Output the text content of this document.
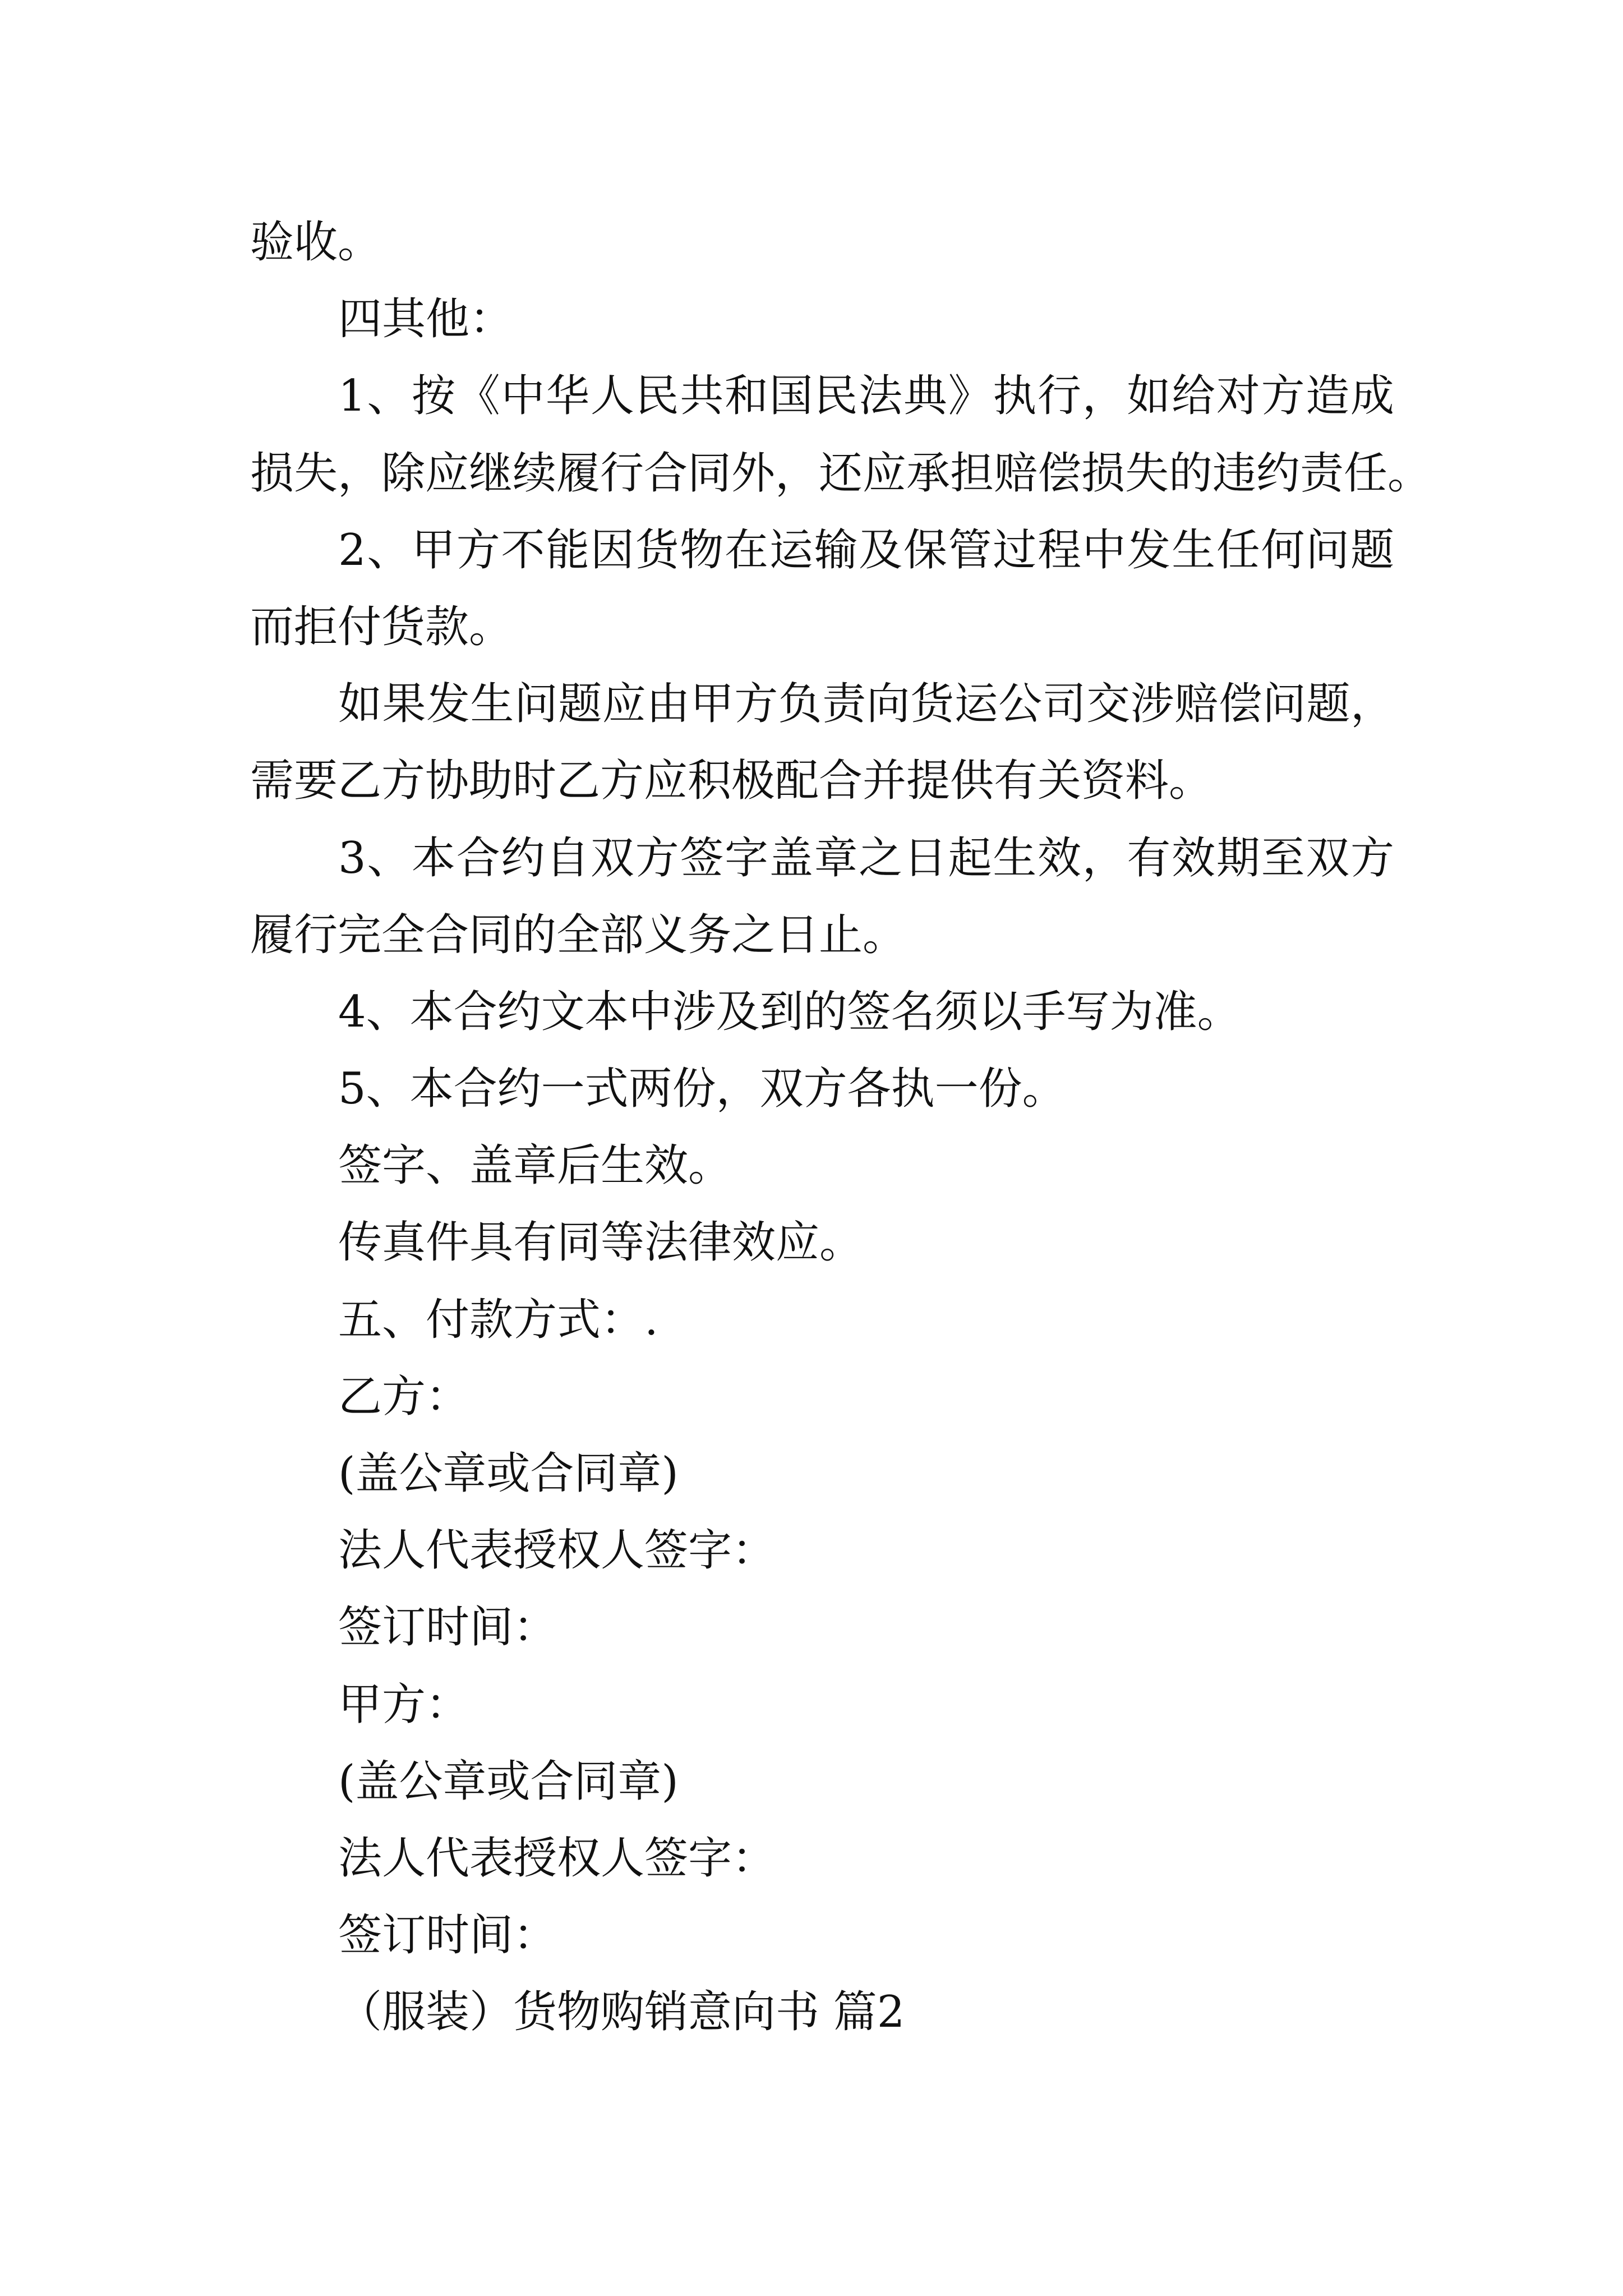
验收。
四其他：
1、按《中华人民共和国民法典》执行，如给对方造成
损失，除应继续履行合同外，还应承担赔偿损失的违约责任。
2、甲方不能因货物在运输及保管过程中发生任何问题
而拒付货款。
如果发生问题应由甲方负责向货运公司交涉赔偿问题，
需要乙方协助时乙方应积极配合并提供有关资料。
3、本合约自双方签字盖章之日起生效，有效期至双方
履行完全合同的全部义务之日止。
4、本合约文本中涉及到的签名须以手写为准。
5、本合约一式两份，双方各执一份。
签字、盖章后生效。
传真件具有同等法律效应。
五、付款方式：.
乙方：
(盖公章或合同章)
法人代表授权人签字：
签订时间：
甲方：
(盖公章或合同章)
法人代表授权人签字：
签订时间：
（服装）货物购销意向书 篇2
